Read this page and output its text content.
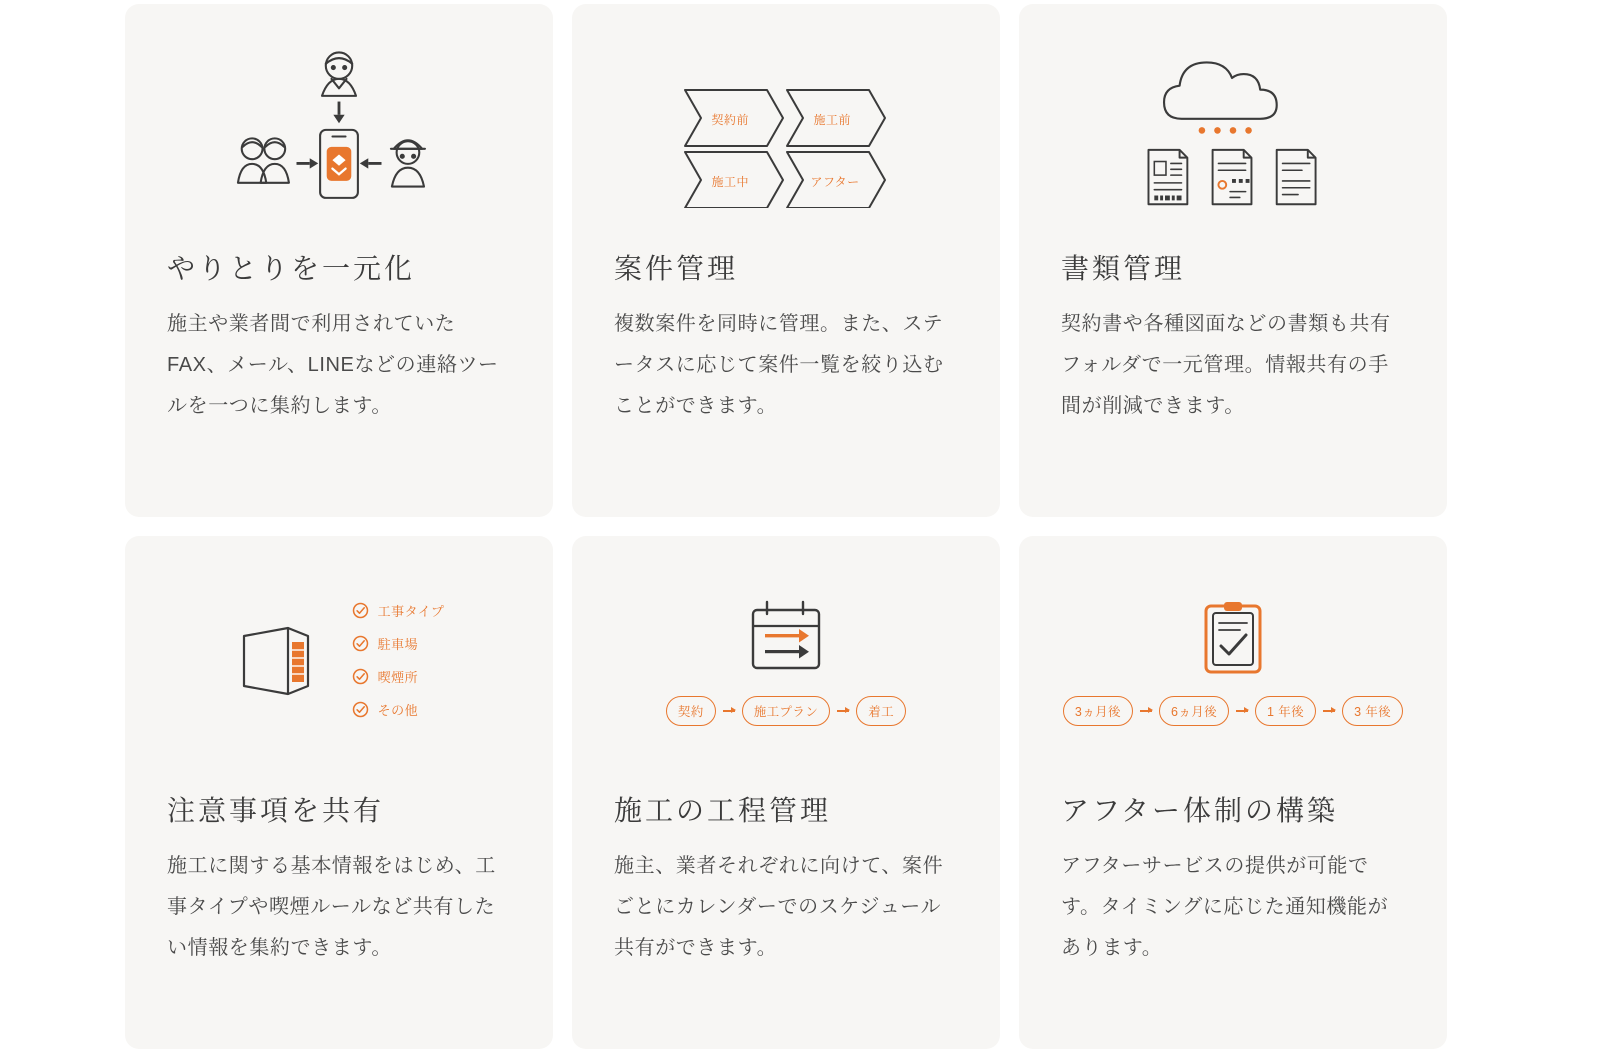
やりとりを一元化

施主や業者間で利用されていたFAX、メール、LINEなどの連絡ツールを一つに集約します。

契約前	施工前
施工中	アフター
案件管理

複数案件を同時に管理。また、ステータスに応じて案件一覧を絞り込むことができます。

書類管理

契約書や各種図面などの書類も共有フォルダで一元管理。情報共有の手間が削減できます。

工事タイプ
駐車場
喫煙所
その他
注意事項を共有

施工に関する基本情報をはじめ、工事タイプや喫煙ルールなど共有したい情報を集約できます。

契約	施工プラン	着工
施工の工程管理

施主、業者それぞれに向けて、案件ごとにカレンダーでのスケジュール共有ができます。

3ヵ月後	6ヵ月後	1 年後	3 年後
アフター体制の構築

アフターサービスの提供が可能です。タイミングに応じた通知機能があります。
